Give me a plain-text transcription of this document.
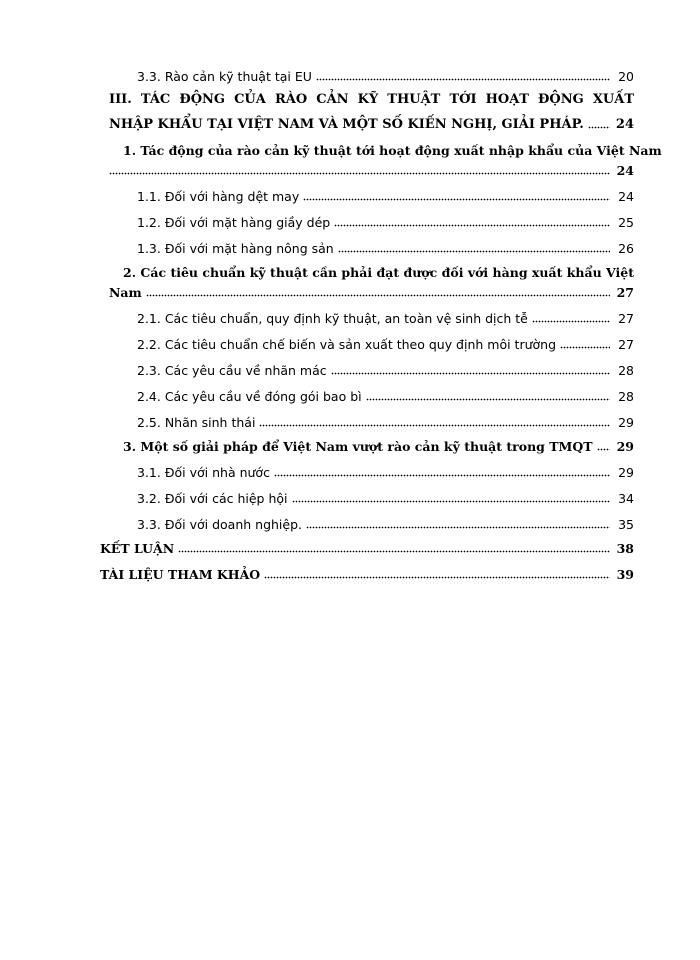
3.3. Rào cản kỹ thuật tại EU	20
III. TÁC ĐỘNG CỦA RÀO CẢN KỸ THUẬT TỚI HOẠT ĐỘNG XUẤT
NHẬP KHẨU TẠI VIỆT NAM VÀ MỘT SỐ KIẾN NGHỊ, GIẢI PHÁP. 24
1. Tác động của rào cản kỹ thuật tới hoạt động xuất nhập khẩu của Việt Nam
24
1.1. Đối với hàng dệt may	24
1.2. Đối với mặt hàng giầy dép	25
1.3. Đối với mặt hàng nông sản	26
2. Các tiêu chuẩn kỹ thuật cần phải đạt được đối với hàng xuất khẩu Việt
Nam	27
2.1. Các tiêu chuẩn, quy định kỹ thuật, an toàn vệ sinh dịch tễ	27
2.2. Các tiêu chuẩn chế biến và sản xuất theo quy định môi trường	27
2.3. Các yêu cầu về nhãn mác	28
2.4. Các yêu cầu về đóng gói bao bì	28
2.5. Nhãn sinh thái	29
3. Một số giải pháp để Việt Nam vượt rào cản kỹ thuật trong TMQT 29
3.1. Đối với nhà nước	29
3.2. Đối với các hiệp hội	34
3.3. Đối với doanh nghiệp.	35
KẾT LUẬN	38
TÀI LIỆU THAM KHẢO	39
